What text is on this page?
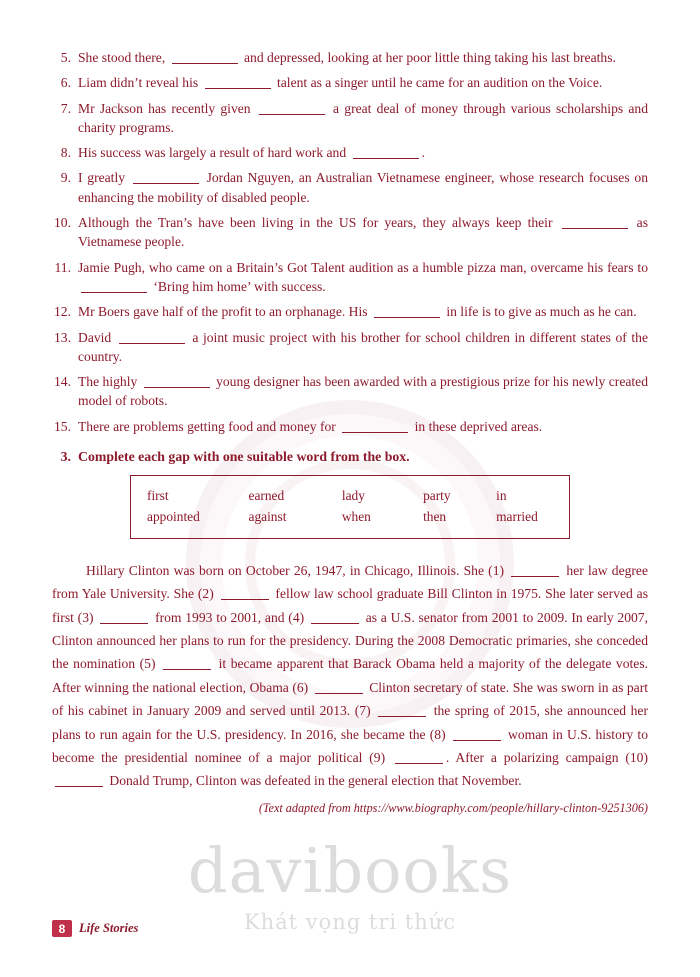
5. She stood there,	and depressed, looking at her poor little thing taking his last breaths.
6. Liam didn’t reveal his	talent as a singer until he came for an audition on the Voice.
7. Mr Jackson has recently given	a great deal of money through various scholarships and charity programs.
8. His success was largely a result of hard work and	.
9. I greatly	Jordan Nguyen, an Australian Vietnamese engineer, whose research focuses on enhancing the mobility of disabled people.
10. Although the Tran’s have been living in the US for years, they always keep their	as Vietnamese people.
11. Jamie Pugh, who came on a Britain’s Got Talent audition as a humble pizza man, overcame his fears to  ‘Bring him home’ with success.
12. Mr Boers gave half of the profit to an orphanage. His	in life is to give as much as he can.
13. David	a joint music project with his brother for school children in different states of the country.
14. The highly	young designer has been awarded with a prestigious prize for his newly created model of robots.
15. There are problems getting food and money for	in these deprived areas.
3. Complete each gap with one suitable word from the box.
first	earned	lady	party	in
appointed	against	when	then	married
Hillary Clinton was born on October 26, 1947, in Chicago, Illinois. She (1)	her law degree from Yale University. She (2)	fellow law school graduate Bill Clinton in 1975. She later served as first (3)	from 1993 to 2001, and (4)	as a U.S. senator from 2001 to 2009. In early 2007, Clinton announced her plans to run for the presidency. During the 2008 Democratic primaries, she conceded the nomination (5)	it became apparent that Barack Obama held a majority of the delegate votes. After winning the national election, Obama (6)	Clinton secretary of state. She was sworn in as part of his cabinet in January 2009 and served until 2013. (7)	the spring of 2015, she announced her plans to run again for the U.S. presidency. In 2016, she became the (8)	woman in U.S. history to become the presidential nominee of a major political (9)	. After a polarizing campaign (10)  Donald Trump, Clinton was defeated in the general election that November.
(Text adapted from https://www.biography.com/people/hillary-clinton-9251306)
davibooks
Khát vọng tri thức
8	Life Stories
